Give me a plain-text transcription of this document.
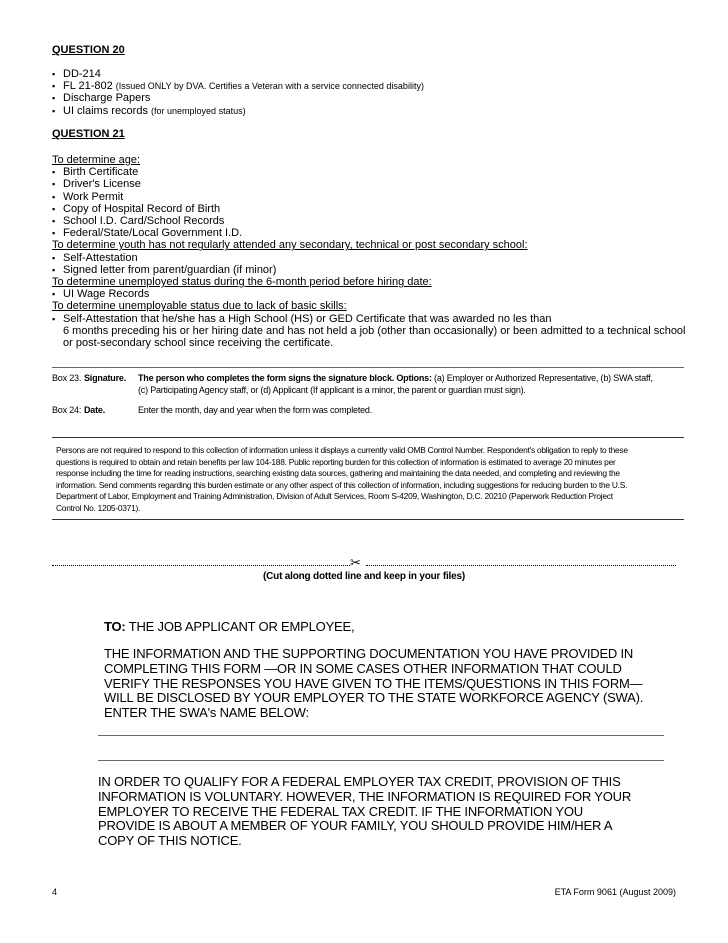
QUESTION 20
▪ DD-214
▪ FL 21-802 (Issued ONLY by DVA. Certifies a Veteran with a service connected disability)
▪ Discharge Papers
▪ UI claims records (for unemployed status)
QUESTION 21
To determine age:
▪ Birth Certificate
▪ Driver's License
▪ Work Permit
▪ Copy of Hospital Record of Birth
▪ School I.D. Card/School Records
▪ Federal/State/Local Government I.D.
To determine youth has not regularly attended any secondary, technical or post secondary school:
▪ Self-Attestation
▪ Signed letter from parent/guardian (if minor)
To determine unemployed status during the 6-month period before hiring date:
▪ UI Wage Records
To determine unemployable status due to lack of basic skills:
▪ Self-Attestation that he/she has a High School (HS) or GED Certificate that was awarded no les than
6 months preceding his or her hiring date and has not held a job (other than occasionally) or been admitted to a technical school
or post-secondary school since receiving the certificate.
Box 23. Signature. The person who completes the form signs the signature block. Options: (a) Employer or Authorized Representative, (b) SWA staff,
(c) Participating Agency staff, or (d) Applicant (If applicant is a minor, the parent or guardian must sign).
Box 24: Date.	Enter the month, day and year when the form was completed.
Persons are not required to respond to this collection of information unless it displays a currently valid OMB Control Number. Respondent's obligation to reply to these
questions is required to obtain and retain benefits per law 104-188. Public reporting burden for this collection of information is estimated to average 20 minutes per
response including the time for reading instructions, searching existing data sources, gathering and maintaining the data needed, and completing and reviewing the
information. Send comments regarding this burden estimate or any other aspect of this collection of information, including suggestions for reducing burden to the U.S.
Department of Labor, Employment and Training Administration, Division of Adult Services, Room S-4209, Washington, D.C. 20210 (Paperwork Reduction Project
Control No. 1205-0371).
✂
(Cut along dotted line and keep in your files)
TO: THE JOB APPLICANT OR EMPLOYEE,
THE INFORMATION AND THE SUPPORTING DOCUMENTATION YOU HAVE PROVIDED IN
COMPLETING THIS FORM —OR IN SOME CASES OTHER INFORMATION THAT COULD
VERIFY THE RESPONSES YOU HAVE GIVEN TO THE ITEMS/QUESTIONS IN THIS FORM—
WILL BE DISCLOSED BY YOUR EMPLOYER TO THE STATE WORKFORCE AGENCY (SWA).
ENTER THE SWA's NAME BELOW:
IN ORDER TO QUALIFY FOR A FEDERAL EMPLOYER TAX CREDIT, PROVISION OF THIS
INFORMATION IS VOLUNTARY. HOWEVER, THE INFORMATION IS REQUIRED FOR YOUR
EMPLOYER TO RECEIVE THE FEDERAL TAX CREDIT. IF THE INFORMATION YOU
PROVIDE IS ABOUT A MEMBER OF YOUR FAMILY, YOU SHOULD PROVIDE HIM/HER A
COPY OF THIS NOTICE.
4	ETA Form 9061 (August 2009)
